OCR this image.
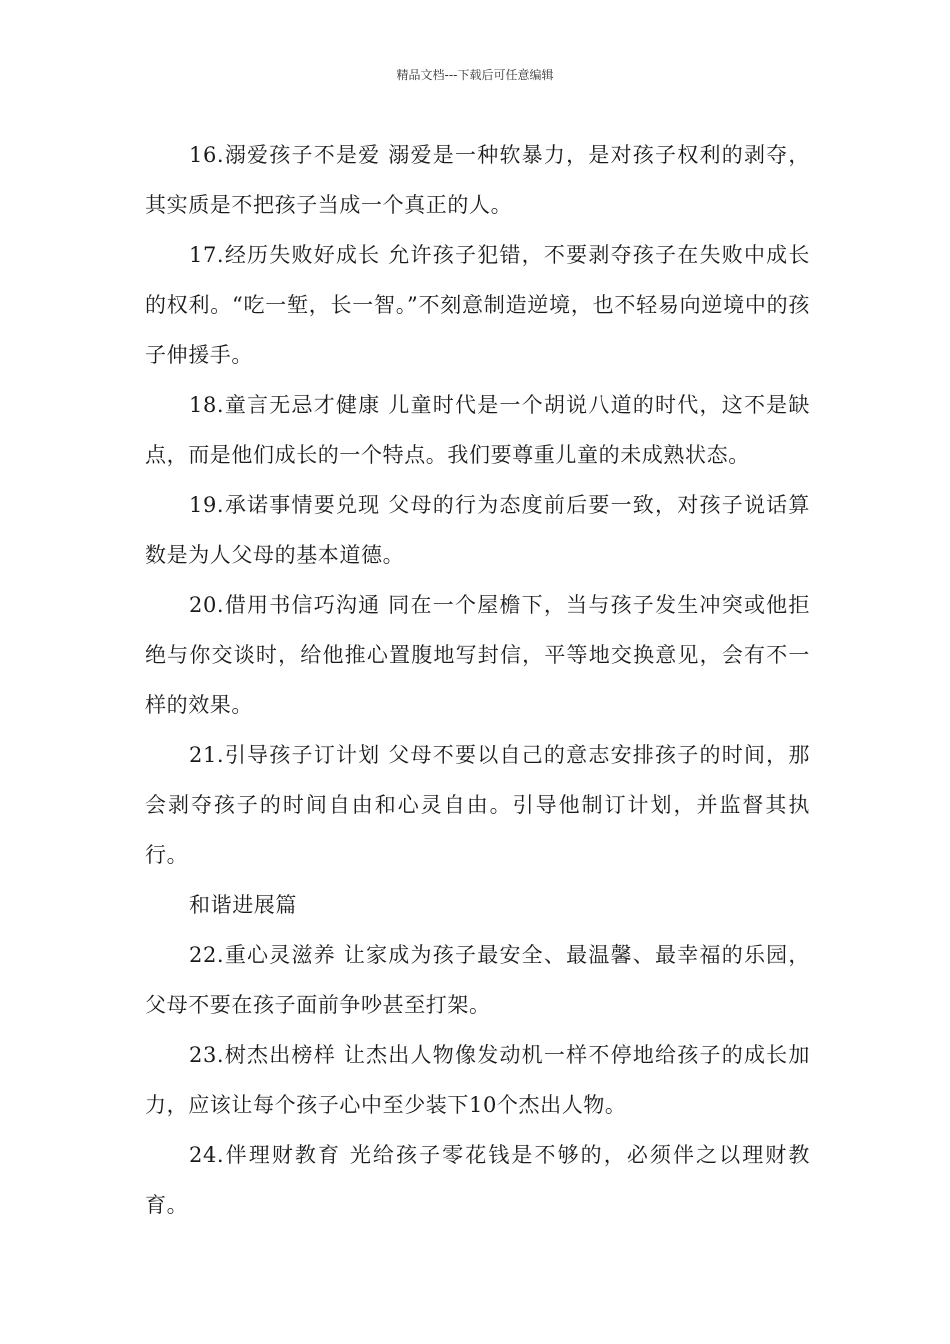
精品文档---下载后可任意编辑

16.溺爱孩子不是爱 溺爱是一种软暴力，是对孩子权利的剥夺，其实质是不把孩子当成一个真正的人。

17.经历失败好成长 允许孩子犯错，不要剥夺孩子在失败中成长的权利。“吃一堑，长一智。”不刻意制造逆境，也不轻易向逆境中的孩子伸援手。

18.童言无忌才健康 儿童时代是一个胡说八道的时代，这不是缺点，而是他们成长的一个特点。我们要尊重儿童的未成熟状态。

19.承诺事情要兑现 父母的行为态度前后要一致，对孩子说话算数是为人父母的基本道德。

20.借用书信巧沟通 同在一个屋檐下，当与孩子发生冲突或他拒绝与你交谈时，给他推心置腹地写封信，平等地交换意见，会有不一样的效果。

21.引导孩子订计划 父母不要以自己的意志安排孩子的时间，那会剥夺孩子的时间自由和心灵自由。引导他制订计划，并监督其执行。

和谐进展篇

22.重心灵滋养 让家成为孩子最安全、最温馨、最幸福的乐园，父母不要在孩子面前争吵甚至打架。

23.树杰出榜样 让杰出人物像发动机一样不停地给孩子的成长加力，应该让每个孩子心中至少装下10个杰出人物。

24.伴理财教育 光给孩子零花钱是不够的，必须伴之以理财教育。
